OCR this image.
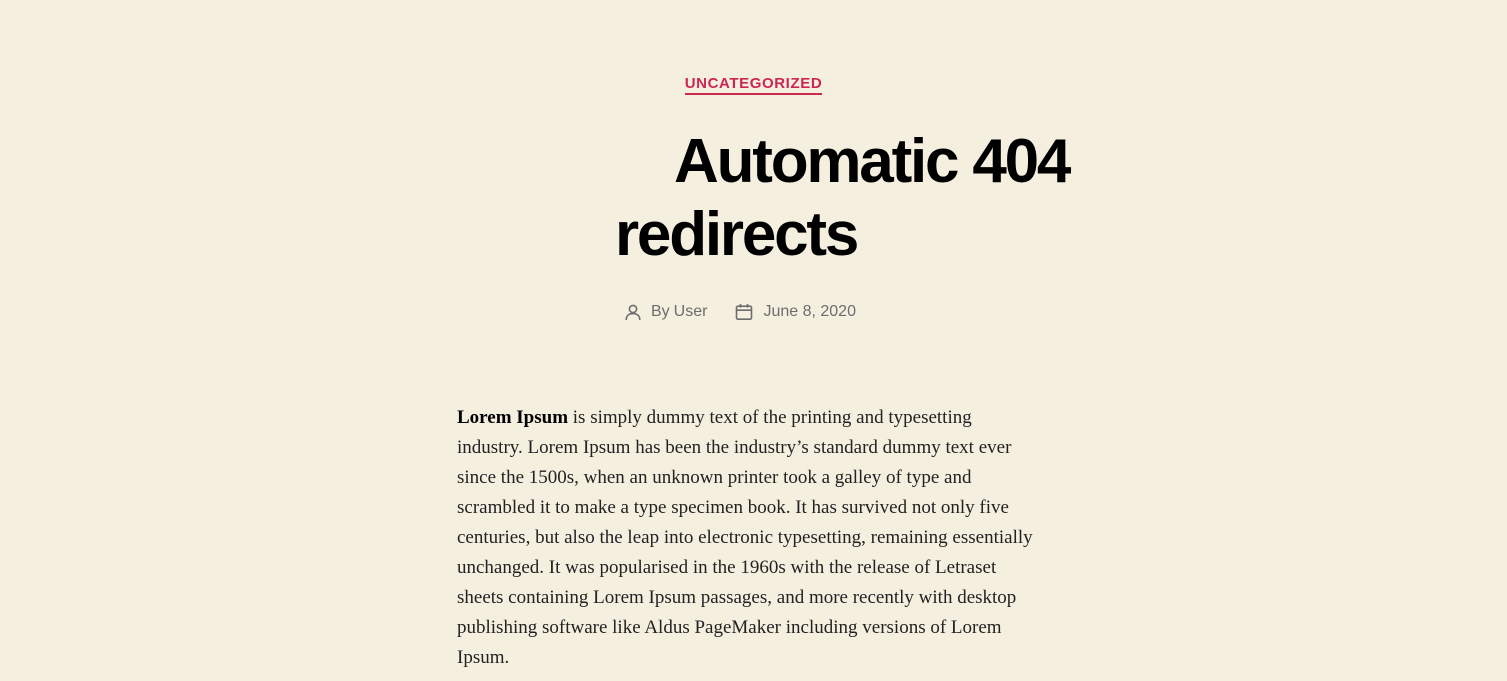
UNCATEGORIZED
Automatic 404
redirects
By User	June 8, 2020

Lorem Ipsum is simply dummy text of the printing and typesetting industry. Lorem Ipsum has been the industry’s standard dummy text ever since the 1500s, when an unknown printer took a galley of type and scrambled it to make a type specimen book. It has survived not only five centuries, but also the leap into electronic typesetting, remaining essentially unchanged. It was popularised in the 1960s with the release of Letraset sheets containing Lorem Ipsum passages, and more recently with desktop publishing software like Aldus PageMaker including versions of Lorem Ipsum.
